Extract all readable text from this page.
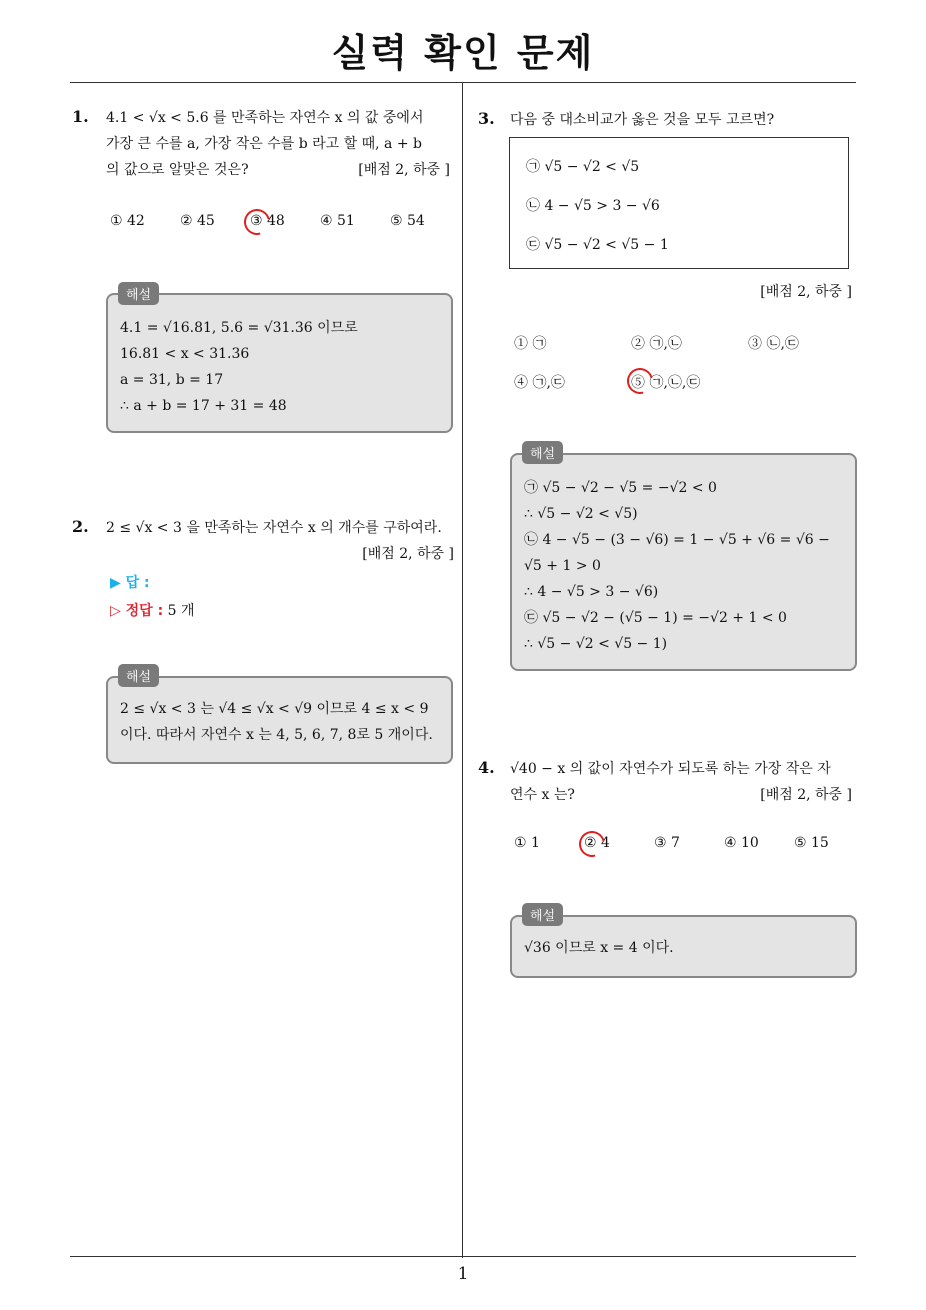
실력 확인 문제
1
1. 4.1 < √x < 5.6 를 만족하는 자연수 x 의 값 중에서
가장 큰 수를 a, 가장 작은 수를 b 라고 할 때, a + b
의 값으로 알맞은 것은?	[배점 2, 하중 ]
① 42	② 45	③ 48	④ 51	⑤ 54
4.1 = √16.81, 5.6 = √31.36 이므로
16.81 < x < 31.36
a = 31, b = 17
∴ a + b = 17 + 31 = 48
해설
2. 2 ≤ √x < 3 을 만족하는 자연수 x 의 개수를 구하여라.
[배점 2, 하중 ]
▶ 답 :
▷ 정답 : 5 개
2 ≤ √x < 3 는 √4 ≤ √x < √9 이므로 4 ≤ x < 9
이다. 따라서 자연수 x 는 4, 5, 6, 7, 8로 5 개이다.
해설
3. 다음 중 대소비교가 옳은 것을 모두 고르면?
㉠ √5 − √2 < √5
㉡ 4 − √5 > 3 − √6
㉢ √5 − √2 < √5 − 1
[배점 2, 하중 ]
① ㉠	② ㉠,㉡	③ ㉡,㉢
④ ㉠,㉢	⑤ ㉠,㉡,㉢
㉠ √5 − √2 − √5 = −√2 < 0
∴ √5 − √2 < √5)
㉡ 4 − √5 − (3 − √6) = 1 − √5 + √6 = √6 −
√5 + 1 > 0
∴ 4 − √5 > 3 − √6)
㉢ √5 − √2 − (√5 − 1) = −√2 + 1 < 0
∴ √5 − √2 < √5 − 1)
해설
4. √40 − x 의 값이 자연수가 되도록 하는 가장 작은 자
연수 x 는?	[배점 2, 하중 ]
① 1	② 4	③ 7	④ 10	⑤ 15
√36 이므로 x = 4 이다.
해설
